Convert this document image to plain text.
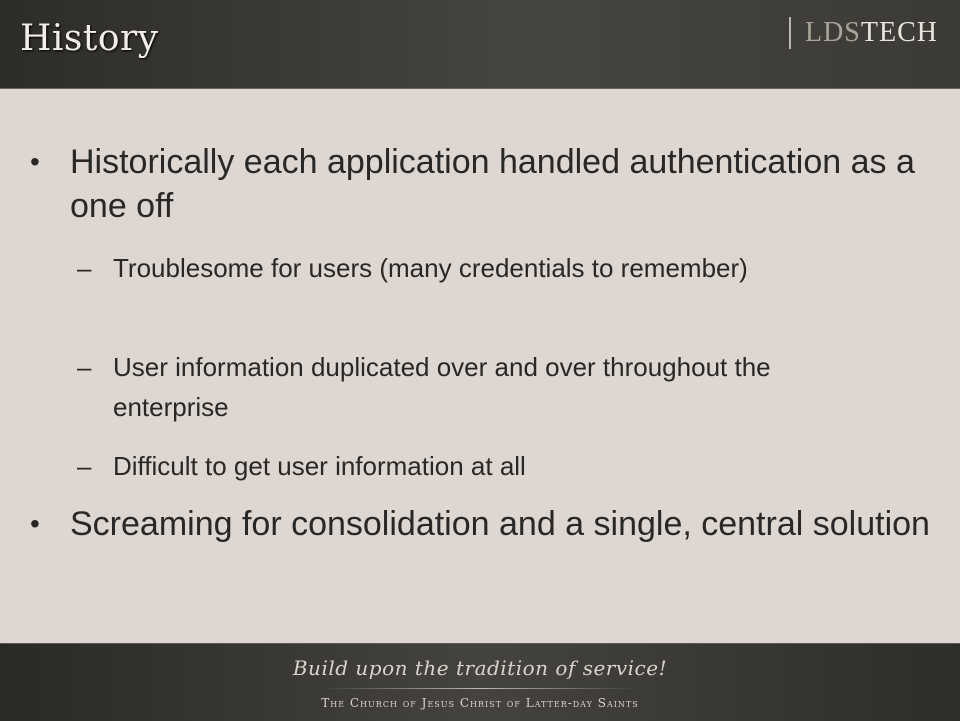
History	LDSTECH
• Historically each application handled authentication as a one off
– Troublesome for users (many credentials to remember)
– User information duplicated over and over throughout the enterprise
– Difficult to get user information at all
• Screaming for consolidation and a single, central solution
Build upon the tradition of service!
The Church of Jesus Christ of Latter-day Saints
